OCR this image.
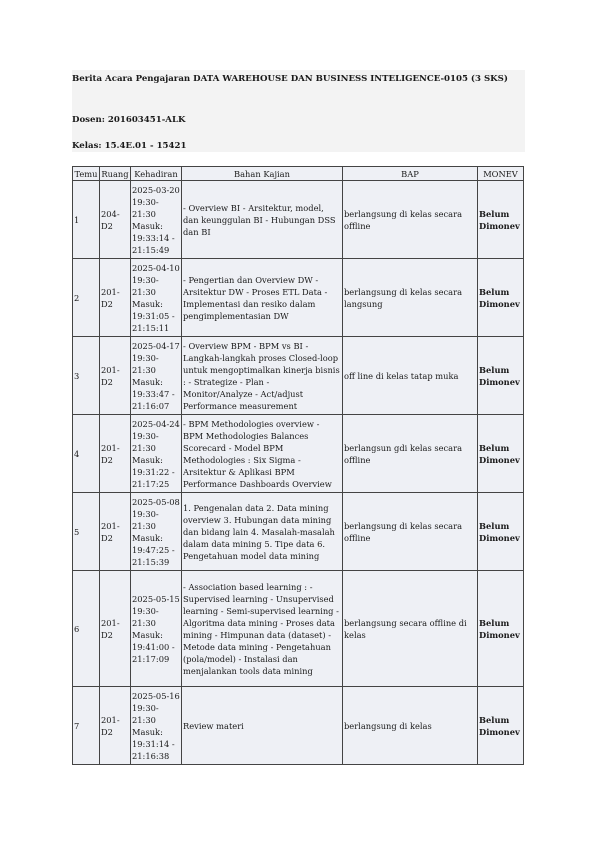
Berita Acara Pengajaran DATA WAREHOUSE DAN BUSINESS INTELIGENCE-0105 (3 SKS)
Dosen: 201603451-ALK
Kelas: 15.4E.01 - 15421
Temu	Ruang	Kehadiran	Bahan Kajian	BAP	MONEV
1	204-D2	2025-03-20 19:30-21:30 Masuk: 19:33:14 - 21:15:49	- Overview BI - Arsitektur, model, dan keunggulan BI - Hubungan DSS dan BI	berlangsung di kelas secara offline	Belum Dimonev
2	201-D2	2025-04-10 19:30-21:30 Masuk: 19:31:05 - 21:15:11	- Pengertian dan Overview DW - Arsitektur DW - Proses ETL Data - Implementasi dan resiko dalam pengimplementasian DW	berlangsung di kelas secara langsung	Belum Dimonev
3	201-D2	2025-04-17 19:30-21:30 Masuk: 19:33:47 - 21:16:07	- Overview BPM - BPM vs BI - Langkah-langkah proses Closed-loop untuk mengoptimalkan kinerja bisnis : - Strategize - Plan - Monitor/Analyze - Act/adjust Performance measurement	off line di kelas tatap muka	Belum Dimonev
4	201-D2	2025-04-24 19:30-21:30 Masuk: 19:31:22 - 21:17:25	- BPM Methodologies overview - BPM Methodologies Balances Scorecard - Model BPM Methodologies : Six Sigma - Arsitektur & Aplikasi BPM Performance Dashboards Overview	berlangsun gdi kelas secara offline	Belum Dimonev
5	201-D2	2025-05-08 19:30-21:30 Masuk: 19:47:25 - 21:15:39	1. Pengenalan data 2. Data mining overview 3. Hubungan data mining dan bidang lain 4. Masalah-masalah dalam data mining 5. Tipe data 6. Pengetahuan model data mining	berlangsung di kelas secara offline	Belum Dimonev
6	201-D2	2025-05-15 19:30-21:30 Masuk: 19:41:00 - 21:17:09	- Association based learning : - Supervised learning - Unsupervised learning - Semi-supervised learning - Algoritma data mining - Proses data mining - Himpunan data (dataset) - Metode data mining - Pengetahuan (pola/model) - Instalasi dan menjalankan tools data mining	berlangsung secara offline di kelas	Belum Dimonev
7	201-D2	2025-05-16 19:30-21:30 Masuk: 19:31:14 - 21:16:38	Review materi	berlangsung di kelas	Belum Dimonev
